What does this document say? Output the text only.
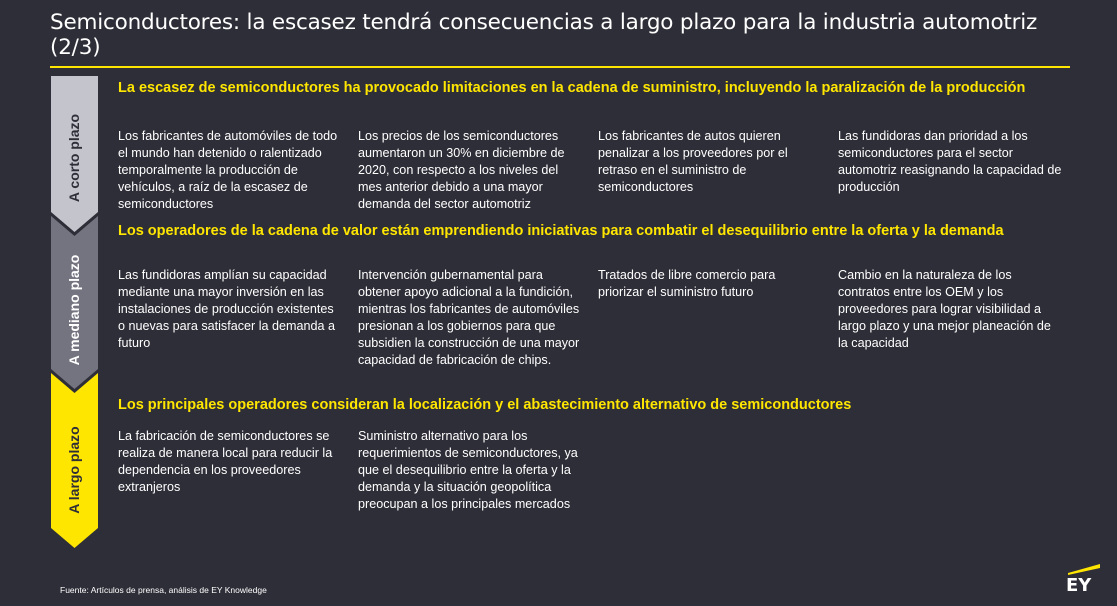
Semiconductores: la escasez tendrá consecuencias a largo plazo para la industria automotriz (2/3)
A corto plazo
A mediano plazo
A largo plazo
La escasez de semiconductores ha provocado limitaciones en la cadena de suministro, incluyendo la paralización de la producción
Los fabricantes de automóviles de todo el mundo han detenido o ralentizado temporalmente la producción de vehículos, a raíz de la escasez de semiconductores
Los precios de los semiconductores aumentaron un 30% en diciembre de 2020, con respecto a los niveles del mes anterior debido a una mayor demanda del sector automotriz
Los fabricantes de autos quieren penalizar a los proveedores por el retraso en el suministro de semiconductores
Las fundidoras dan prioridad a los semiconductores para el sector automotriz reasignando la capacidad de producción
Los operadores de la cadena de valor están emprendiendo iniciativas para combatir el desequilibrio entre la oferta y la demanda
Las fundidoras amplían su capacidad mediante una mayor inversión en las instalaciones de producción existentes o nuevas para satisfacer la demanda a futuro
Intervención gubernamental para obtener apoyo adicional a la fundición, mientras los fabricantes de automóviles presionan a los gobiernos para que subsidien la construcción de una mayor capacidad de fabricación de chips.
Tratados de libre comercio para priorizar el suministro futuro
Cambio en la naturaleza de los contratos entre los OEM y los proveedores para lograr visibilidad a largo plazo y una mejor planeación de la capacidad
Los principales operadores consideran la localización y el abastecimiento alternativo de semiconductores
La fabricación de semiconductores se realiza de manera local para reducir la dependencia en los proveedores extranjeros
Suministro alternativo para los requerimientos de semiconductores, ya que el desequilibrio entre la oferta y la demanda y la situación geopolítica preocupan a los principales mercados
Fuente: Artículos de prensa, análisis de EY Knowledge	EY
